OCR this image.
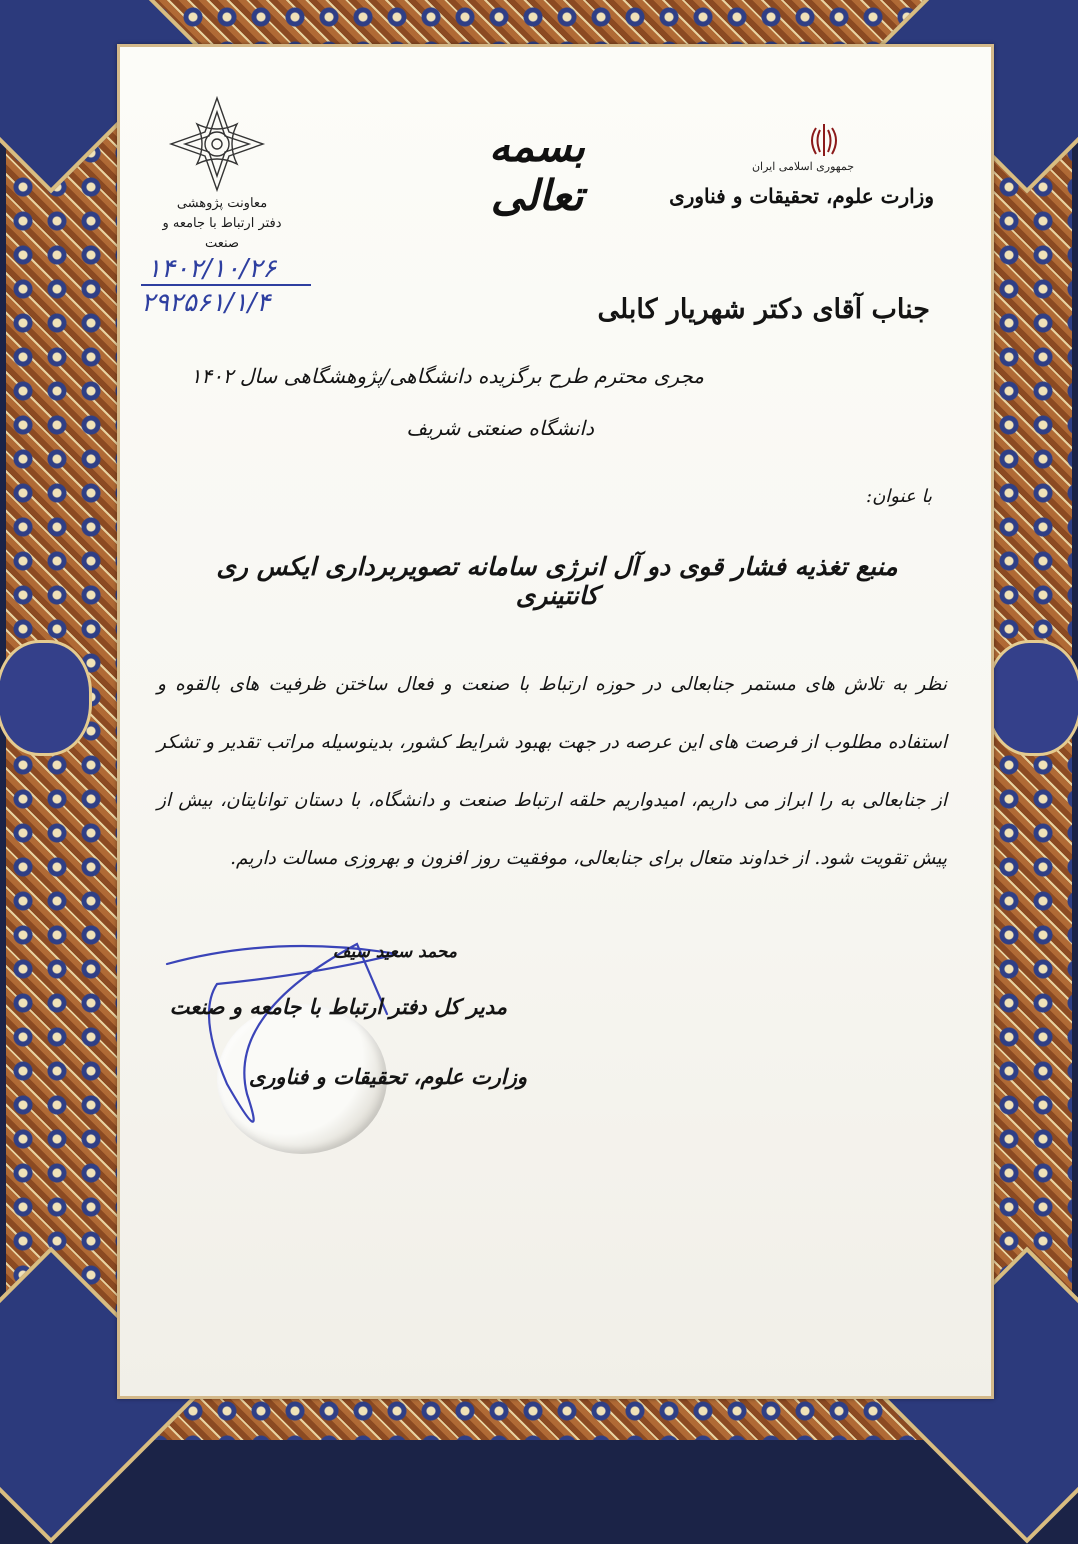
معاونت پژوهشی
دفتر ارتباط با جامعه و صنعت
۱۴۰۲/۱۰/۲۶
۲۹۲۵۶۱/۱/۴
بسمه تعالی
جمهوری اسلامی ایران
وزارت علوم، تحقیقات و فناوری
جناب آقای دکتر شهریار کابلی
مجری محترم طرح برگزیده دانشگاهی/پژوهشگاهی سال ۱۴۰۲
دانشگاه صنعتی شریف
با عنوان:
منبع تغذیه فشار قوی دو آل انرژی سامانه تصویربرداری ایکس ری کانتینری
نظر به تلاش های مستمر جنابعالی در حوزه ارتباط با صنعت و فعال ساختن ظرفیت های بالقوه و استفاده مطلوب از فرصت های این عرصه در جهت بهبود شرایط کشور، بدینوسیله مراتب تقدیر و تشکر از جنابعالی به را ابراز می داریم، امیدواریم حلقه ارتباط صنعت و دانشگاه، با دستان توانایتان، بیش از پیش تقویت شود. از خداوند متعال برای جنابعالی، موفقیت روز افزون و بهروزی مسالت داریم.
محمد سعید سیف
مدیر کل دفتر ارتباط با جامعه و صنعت
وزارت علوم، تحقیقات و فناوری
